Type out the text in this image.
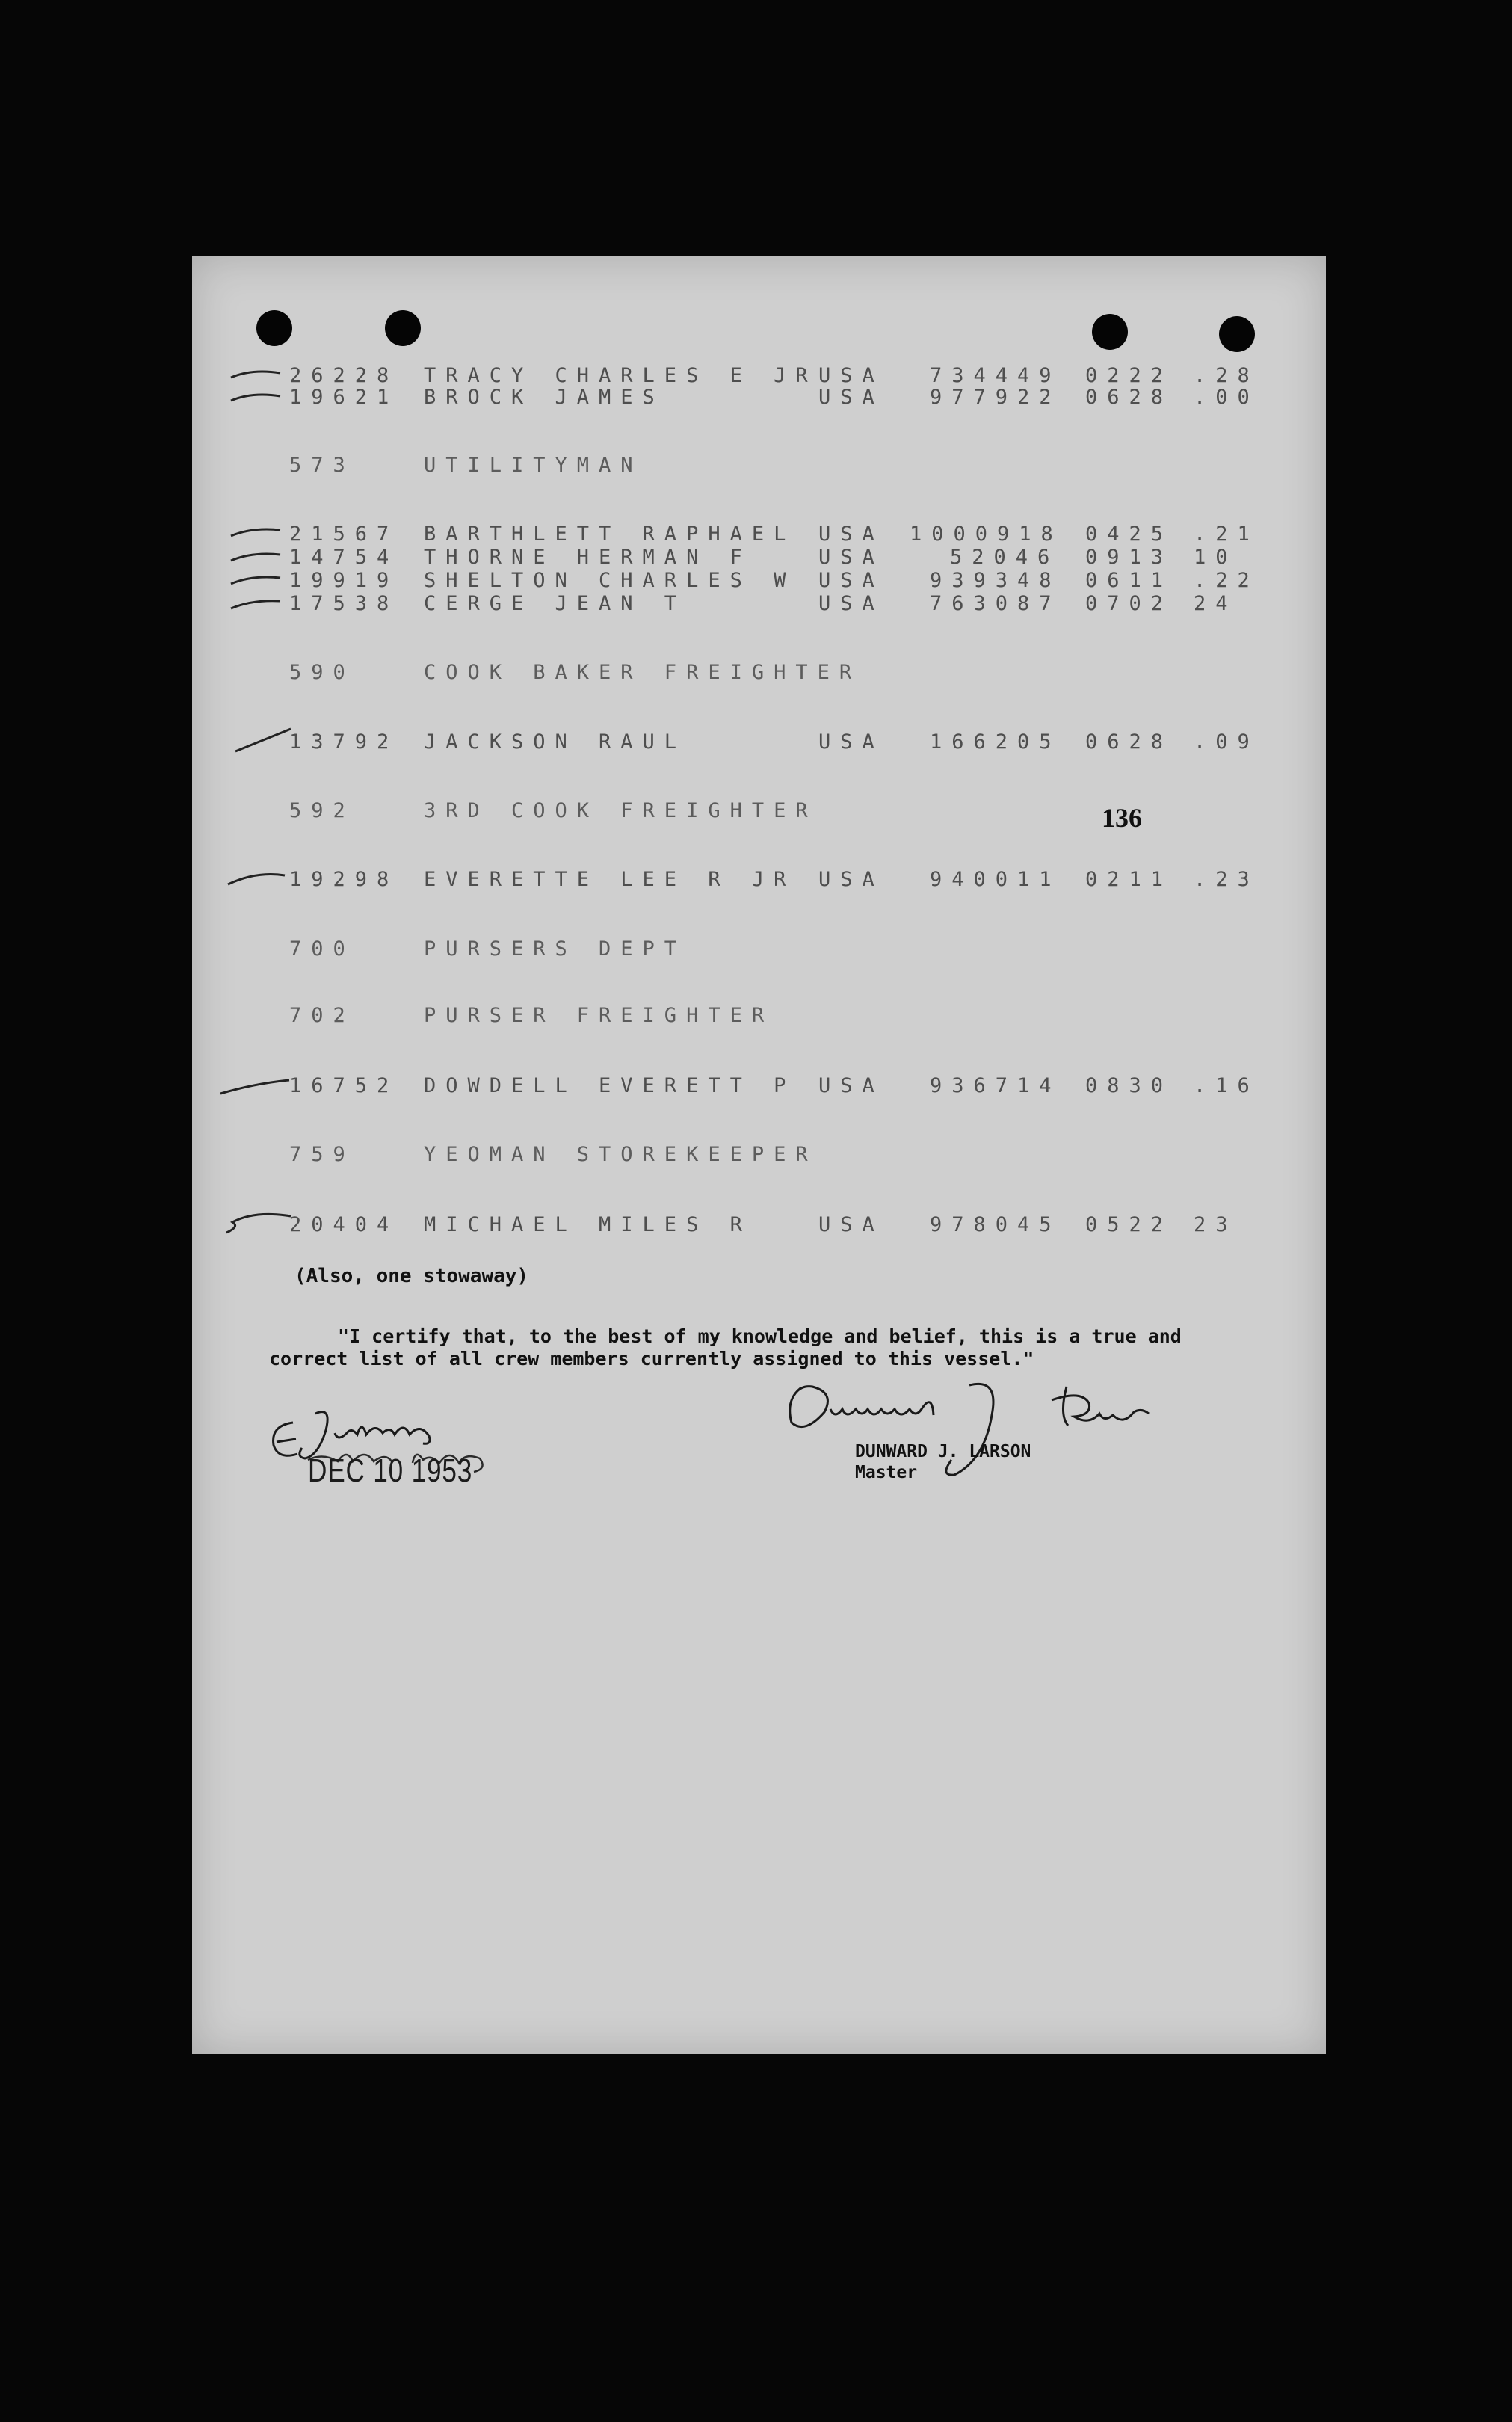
26228 TRACY CHARLES E JR USA 734449 0222 .28
19621 BROCK JAMES	USA 977922 0628 .00
573	UTILITYMAN
21567 BARTHLETT RAPHAEL USA 1000918 0425 .21
14754 THORNE HERMAN F	USA	52046 0913 10
19919 SHELTON CHARLES W USA 939348 0611 .22
17538 CERGE JEAN T	USA 763087 0702 24
590	COOK BAKER FREIGHTER
13792 JACKSON RAUL	USA 166205 0628 .09
592	3RD COOK FREIGHTER	136
19298 EVERETTE LEE R JR USA 940011 0211 .23
700	PURSERS DEPT
702	PURSER FREIGHTER
16752 DOWDELL EVERETT P USA 936714 0830 .16
759	YEOMAN STOREKEEPER
20404 MICHAEL MILES R	USA 978045 0522 23
(Also, one stowaway)
"I certify that, to the best of my knowledge and belief, this is a true and
correct list of all crew members currently assigned to this vessel."
DEC 10 1953
DUNWARD J. LARSON
Master
